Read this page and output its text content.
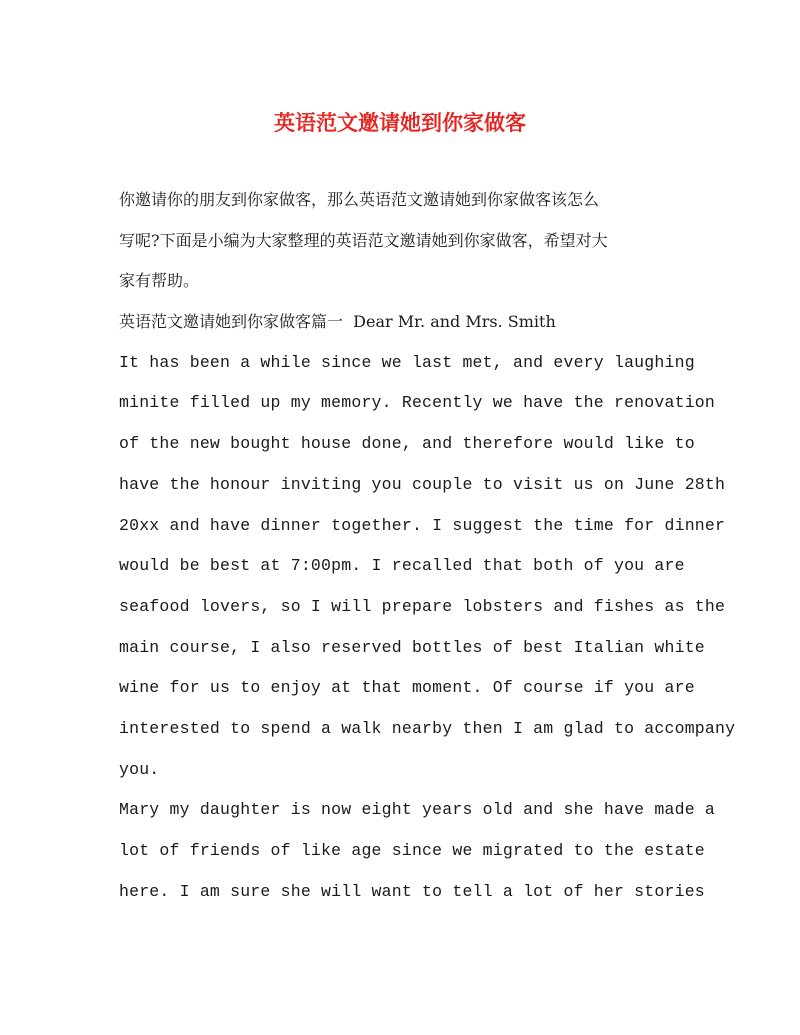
英语范文邀请她到你家做客

你邀请你的朋友到你家做客，那么英语范文邀请她到你家做客该怎么

写呢?下面是小编为大家整理的英语范文邀请她到你家做客，希望对大

家有帮助。

英语范文邀请她到你家做客篇一  Dear Mr. and Mrs. Smith

It has been a while since we last met, and every laughing

minite filled up my memory. Recently we have the renovation

of the new bought house done, and therefore would like to

have the honour inviting you couple to visit us on June 28th

20xx and have dinner together. I suggest the time for dinner

would be best at 7:00pm. I recalled that both of you are

seafood lovers, so I will prepare lobsters and fishes as the

main course, I also reserved bottles of best Italian white

wine for us to enjoy at that moment. Of course if you are

interested to spend a walk nearby then I am glad to accompany

you.

Mary my daughter is now eight years old and she have made a

lot of friends of like age since we migrated to the estate

here. I am sure she will want to tell a lot of her stories
